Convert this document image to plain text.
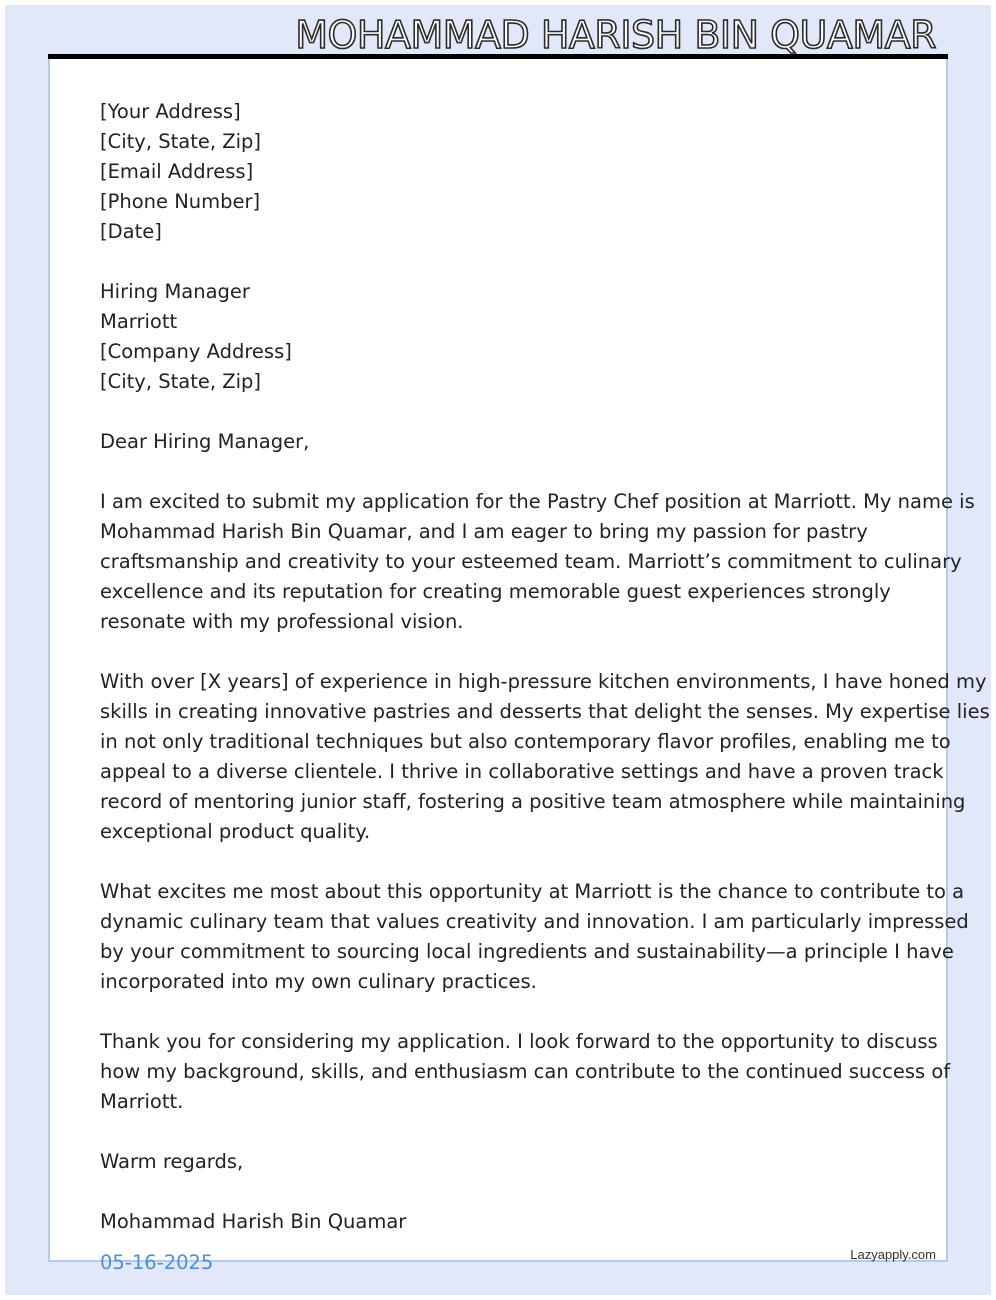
MOHAMMAD HARISH BIN QUAMAR
[Your Address]
[City, State, Zip]
[Email Address]
[Phone Number]
[Date]
Hiring Manager
Marriott
[Company Address]
[City, State, Zip]
Dear Hiring Manager,
I am excited to submit my application for the Pastry Chef position at Marriott. My name is
Mohammad Harish Bin Quamar, and I am eager to bring my passion for pastry
craftsmanship and creativity to your esteemed team. Marriott’s commitment to culinary
excellence and its reputation for creating memorable guest experiences strongly
resonate with my professional vision.
With over [X years] of experience in high-pressure kitchen environments, I have honed my
skills in creating innovative pastries and desserts that delight the senses. My expertise lies
in not only traditional techniques but also contemporary flavor profiles, enabling me to
appeal to a diverse clientele. I thrive in collaborative settings and have a proven track
record of mentoring junior staff, fostering a positive team atmosphere while maintaining
exceptional product quality.
What excites me most about this opportunity at Marriott is the chance to contribute to a
dynamic culinary team that values creativity and innovation. I am particularly impressed
by your commitment to sourcing local ingredients and sustainability—a principle I have
incorporated into my own culinary practices.
Thank you for considering my application. I look forward to the opportunity to discuss
how my background, skills, and enthusiasm can contribute to the continued success of
Marriott.
Warm regards,
Mohammad Harish Bin Quamar
05-16-2025	Lazyapply.com
